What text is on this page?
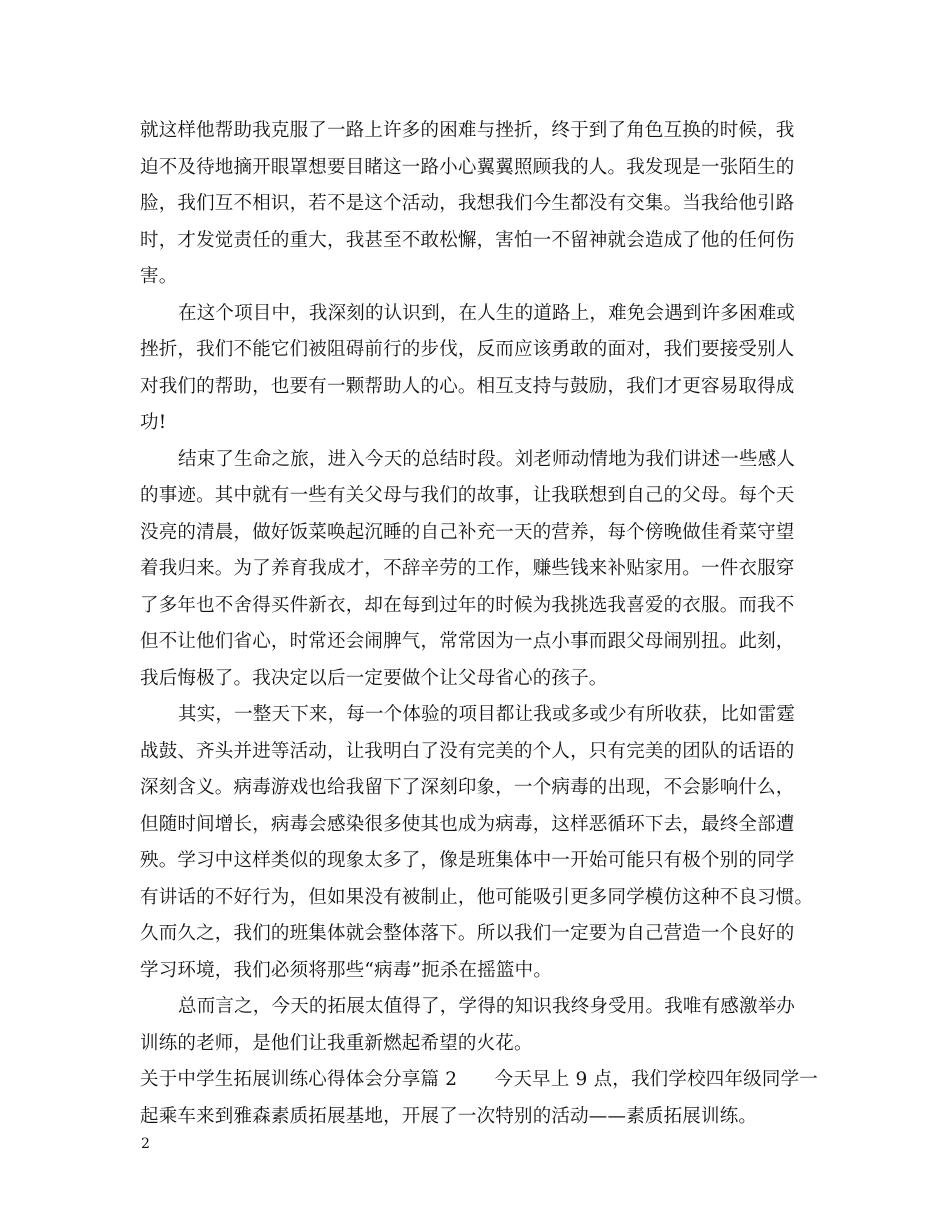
就这样他帮助我克服了一路上许多的困难与挫折，终于到了角色互换的时候，我
迫不及待地摘开眼罩想要目睹这一路小心翼翼照顾我的人。我发现是一张陌生的
脸，我们互不相识，若不是这个活动，我想我们今生都没有交集。当我给他引路
时，才发觉责任的重大，我甚至不敢松懈，害怕一不留神就会造成了他的任何伤
害。
在这个项目中，我深刻的认识到，在人生的道路上，难免会遇到许多困难或
挫折，我们不能它们被阻碍前行的步伐，反而应该勇敢的面对，我们要接受别人
对我们的帮助，也要有一颗帮助人的心。相互支持与鼓励，我们才更容易取得成
功!
结束了生命之旅，进入今天的总结时段。刘老师动情地为我们讲述一些感人
的事迹。其中就有一些有关父母与我们的故事，让我联想到自己的父母。每个天
没亮的清晨，做好饭菜唤起沉睡的自己补充一天的营养，每个傍晚做佳肴菜守望
着我归来。为了养育我成才，不辞辛劳的工作，赚些钱来补贴家用。一件衣服穿
了多年也不舍得买件新衣，却在每到过年的时候为我挑选我喜爱的衣服。而我不
但不让他们省心，时常还会闹脾气，常常因为一点小事而跟父母闹别扭。此刻，
我后悔极了。我决定以后一定要做个让父母省心的孩子。
其实，一整天下来，每一个体验的项目都让我或多或少有所收获，比如雷霆
战鼓、齐头并进等活动，让我明白了没有完美的个人，只有完美的团队的话语的
深刻含义。病毒游戏也给我留下了深刻印象，一个病毒的出现，不会影响什么，
但随时间增长，病毒会感染很多使其也成为病毒，这样恶循环下去，最终全部遭
殃。学习中这样类似的现象太多了，像是班集体中一开始可能只有极个别的同学
有讲话的不好行为，但如果没有被制止，他可能吸引更多同学模仿这种不良习惯。
久而久之，我们的班集体就会整体落下。所以我们一定要为自己营造一个良好的
学习环境，我们必须将那些“病毒”扼杀在摇篮中。
总而言之，今天的拓展太值得了，学得的知识我终身受用。我唯有感激举办
训练的老师，是他们让我重新燃起希望的火花。
关于中学生拓展训练心得体会分享篇 2　　今天早上 9 点，我们学校四年级同学一
起乘车来到雅森素质拓展基地，开展了一次特别的活动——素质拓展训练。
2
